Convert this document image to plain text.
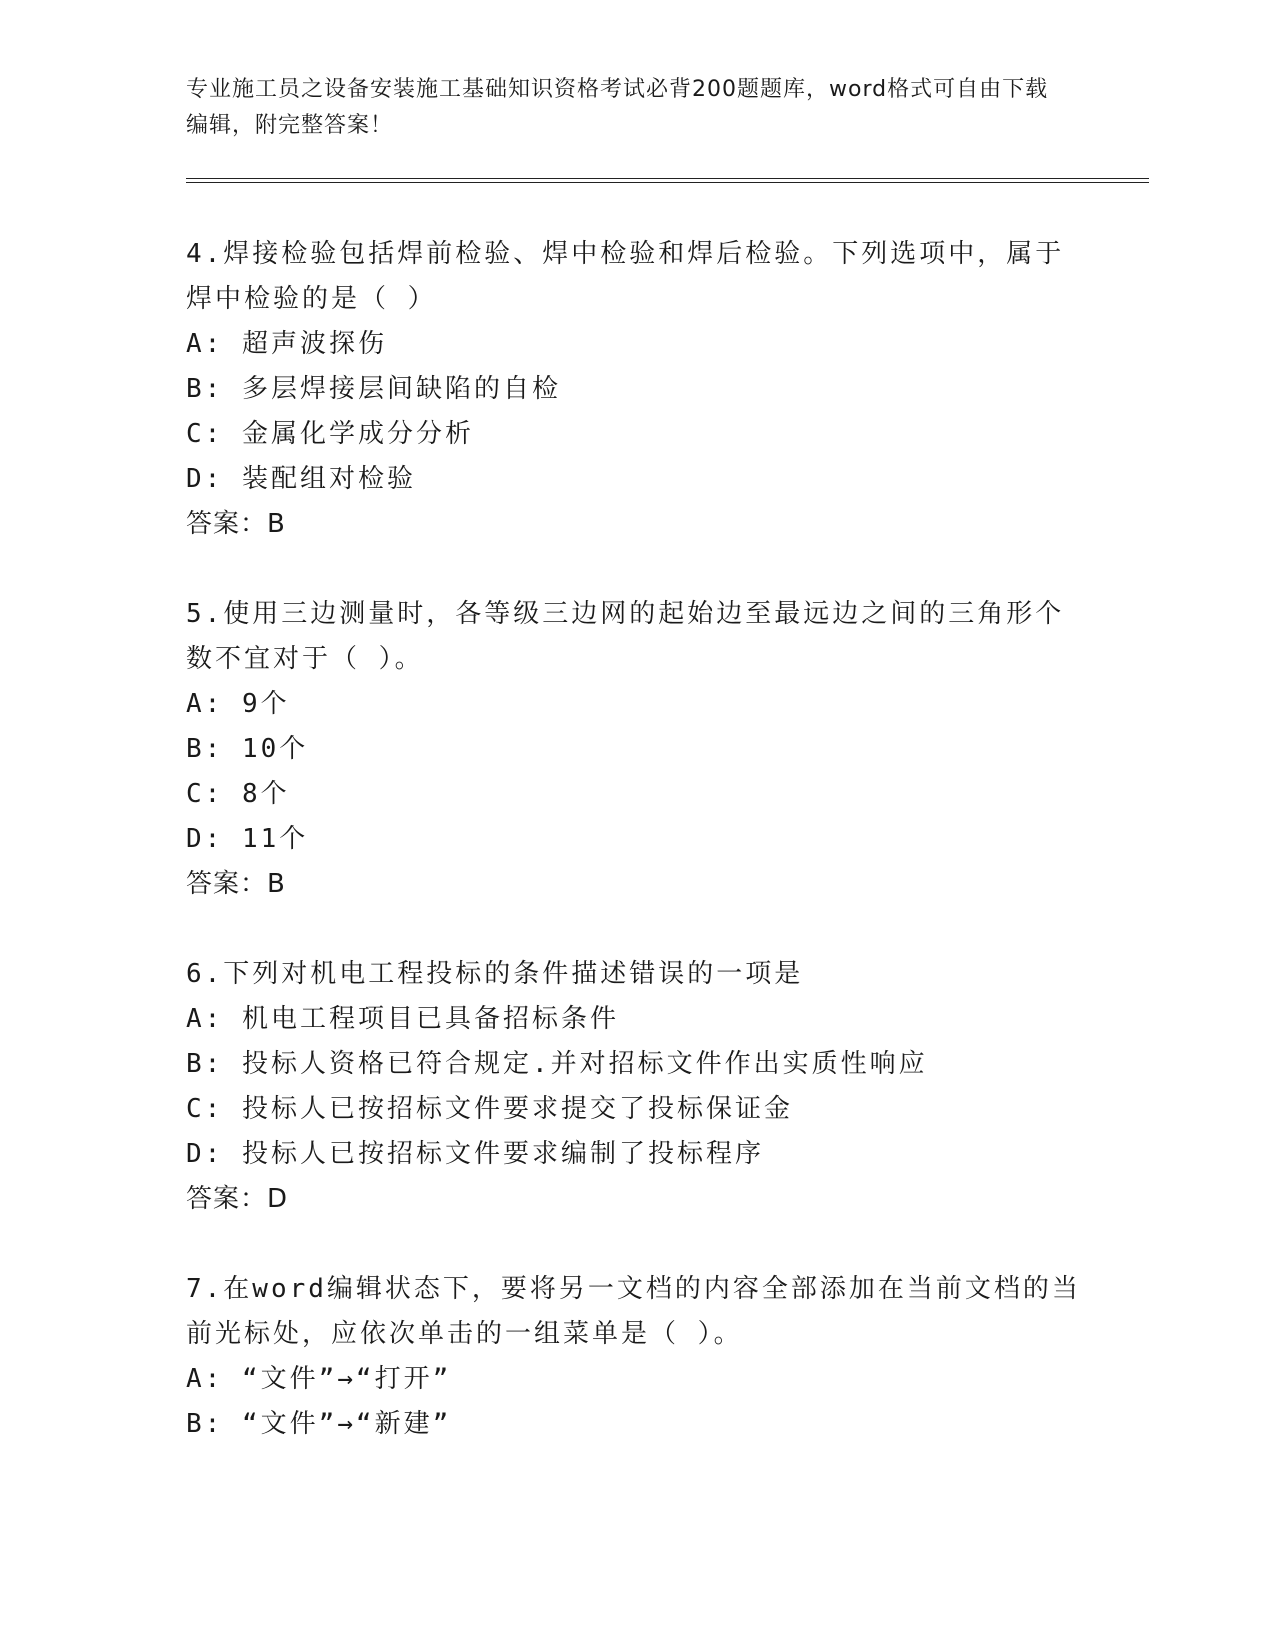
专业施工员之设备安装施工基础知识资格考试必背200题题库，word格式可自由下载编辑，附完整答案！

4.焊接检验包括焊前检验、焊中检验和焊后检验。下列选项中，属于焊中检验的是（ ）

A: 超声波探伤

B: 多层焊接层间缺陷的自检

C: 金属化学成分分析

D: 装配组对检验

答案：B

5.使用三边测量时，各等级三边网的起始边至最远边之间的三角形个数不宜对于（ ）。

A: 9个

B: 10个

C: 8个

D: 11个

答案：B

6.下列对机电工程投标的条件描述错误的一项是

A: 机电工程项目已具备招标条件

B: 投标人资格已符合规定.并对招标文件作出实质性响应

C: 投标人已按招标文件要求提交了投标保证金

D: 投标人已按招标文件要求编制了投标程序

答案：D

7.在word编辑状态下，要将另一文档的内容全部添加在当前文档的当前光标处，应依次单击的一组菜单是（ ）。

A: “文件”→“打开”

B: “文件”→“新建”
